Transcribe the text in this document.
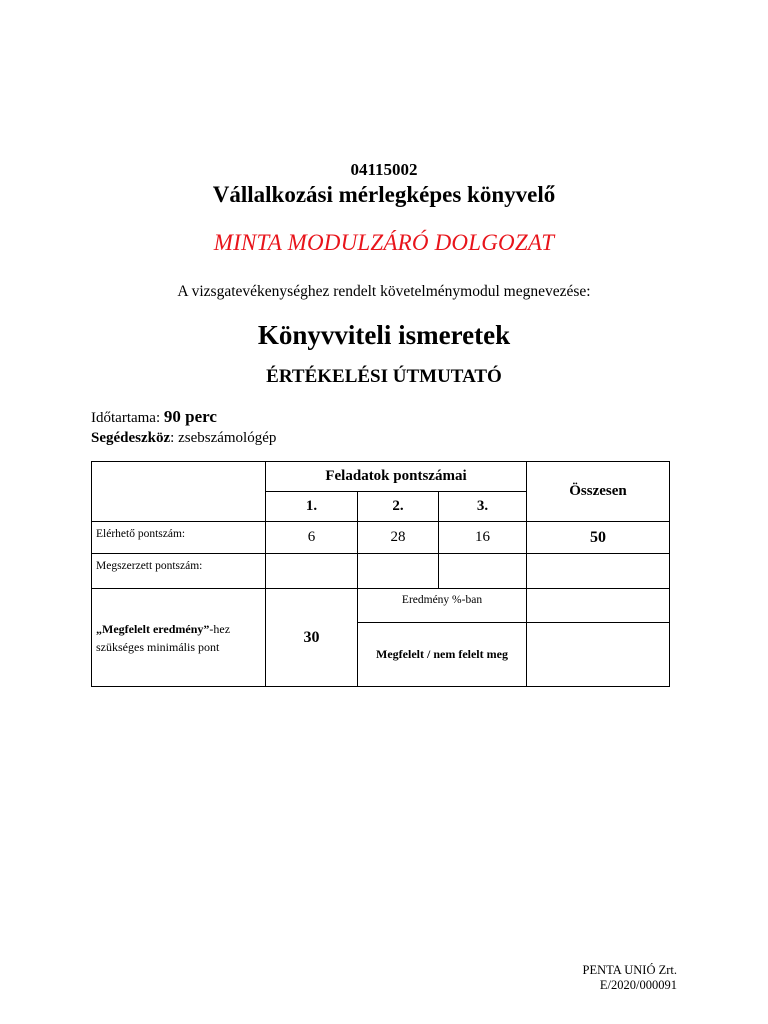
04115002
Vállalkozási mérlegképes könyvelő
MINTA MODULZÁRÓ DOLGOZAT
A vizsgatevékenységhez rendelt követelménymodul megnevezése:
Könyvviteli ismeretek
ÉRTÉKELÉSI ÚTMUTATÓ
Időtartama: 90 perc
Segédeszköz: zsebszámológép
	Feladatok pontszámai			Összesen
	1.	2.	3.	
Elérhető pontszám:	6	28	16	50
Megszerzett pontszám:				
„Megfelelt eredmény”-hez
szükséges minimális pont	30	Eredmény %-ban		
		Megfelelt / nem felelt meg		
PENTA UNIÓ Zrt.
E/2020/000091
